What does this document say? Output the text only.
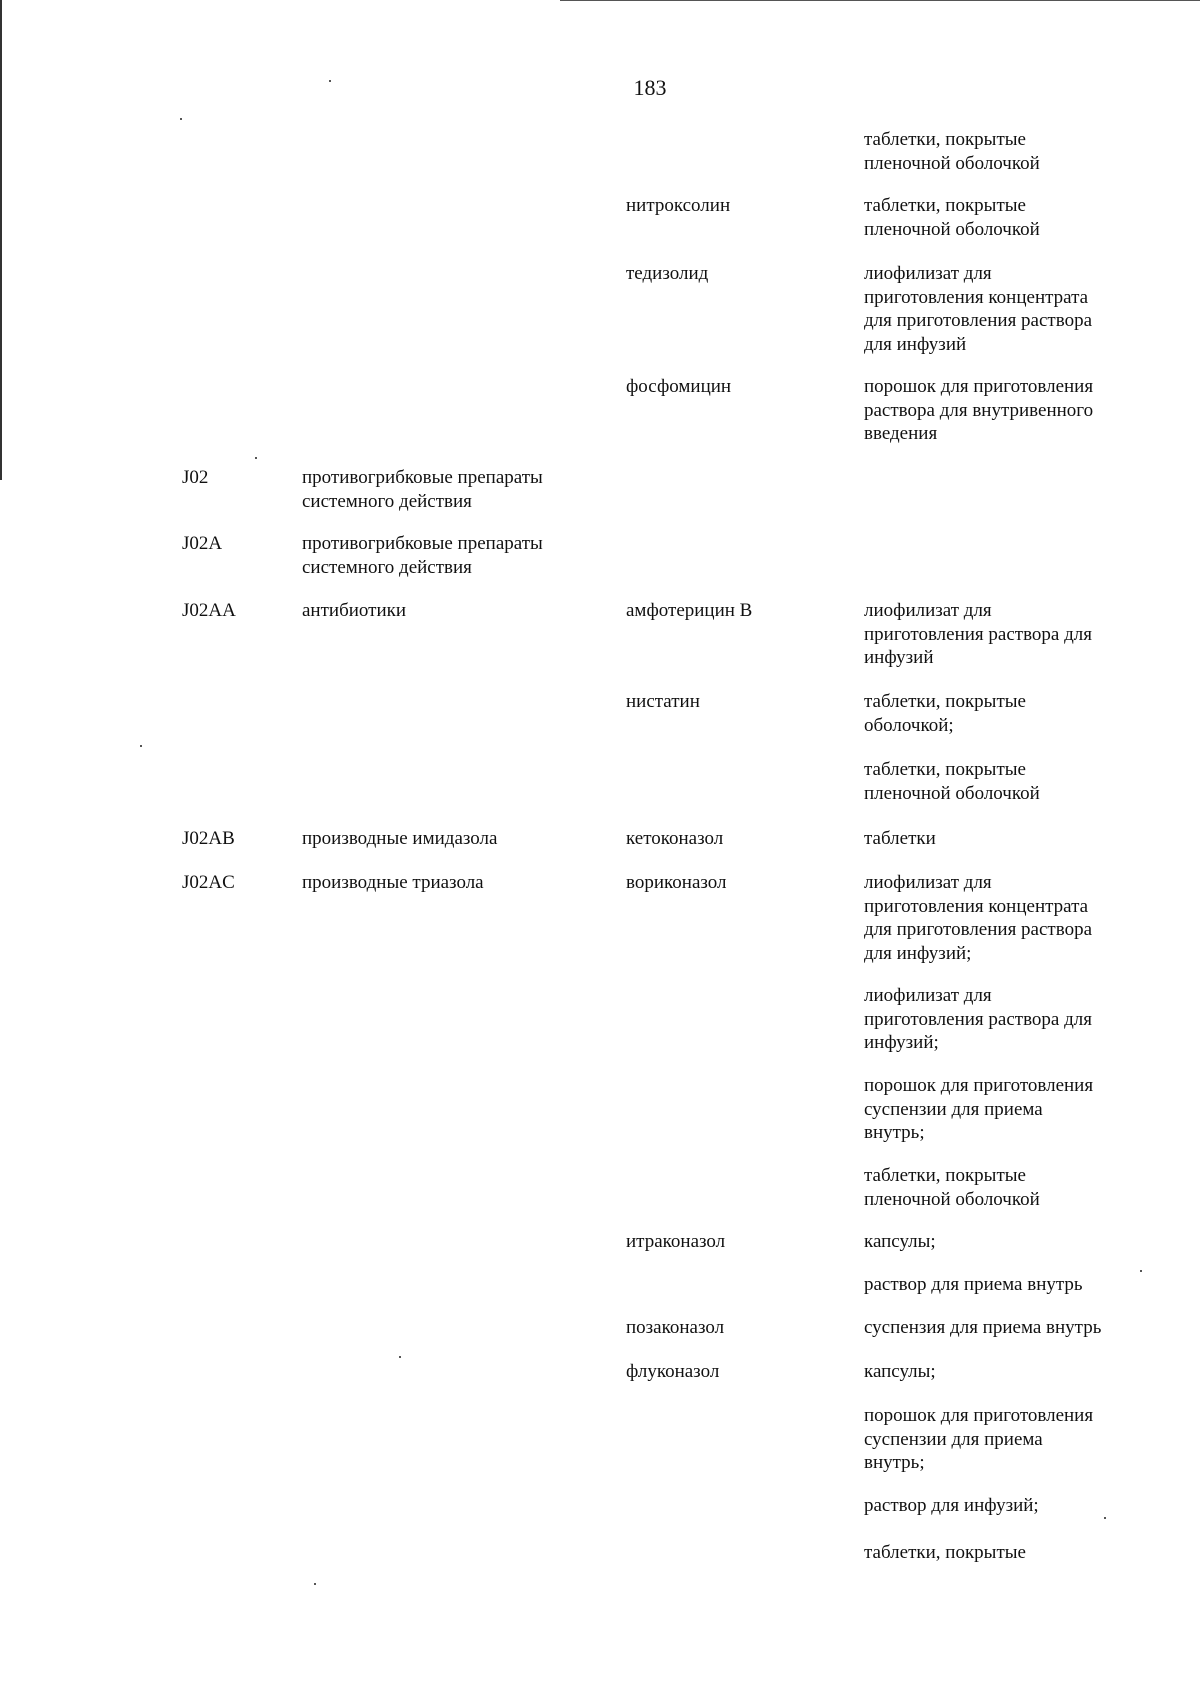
183
таблетки, покрытые
пленочной оболочкой
нитроксолин	таблетки, покрытые
пленочной оболочкой
тедизолид	лиофилизат для
приготовления концентрата
для приготовления раствора
для инфузий
фосфомицин	порошок для приготовления
раствора для внутривенного
введения
J02	противогрибковые препараты
системного действия
J02A	противогрибковые препараты
системного действия
J02AA	антибиотики	амфотерицин B	лиофилизат для
приготовления раствора для
инфузий
нистатин	таблетки, покрытые
оболочкой;
таблетки, покрытые
пленочной оболочкой
J02AB	производные имидазола	кетоконазол	таблетки
J02AC	производные триазола	вориконазол	лиофилизат для
приготовления концентрата
для приготовления раствора
для инфузий;
лиофилизат для
приготовления раствора для
инфузий;
порошок для приготовления
суспензии для приема
внутрь;
таблетки, покрытые
пленочной оболочкой
итраконазол	капсулы;
раствор для приема внутрь
позаконазол	суспензия для приема внутрь
флуконазол	капсулы;
порошок для приготовления
суспензии для приема
внутрь;
раствор для инфузий;
таблетки, покрытые
